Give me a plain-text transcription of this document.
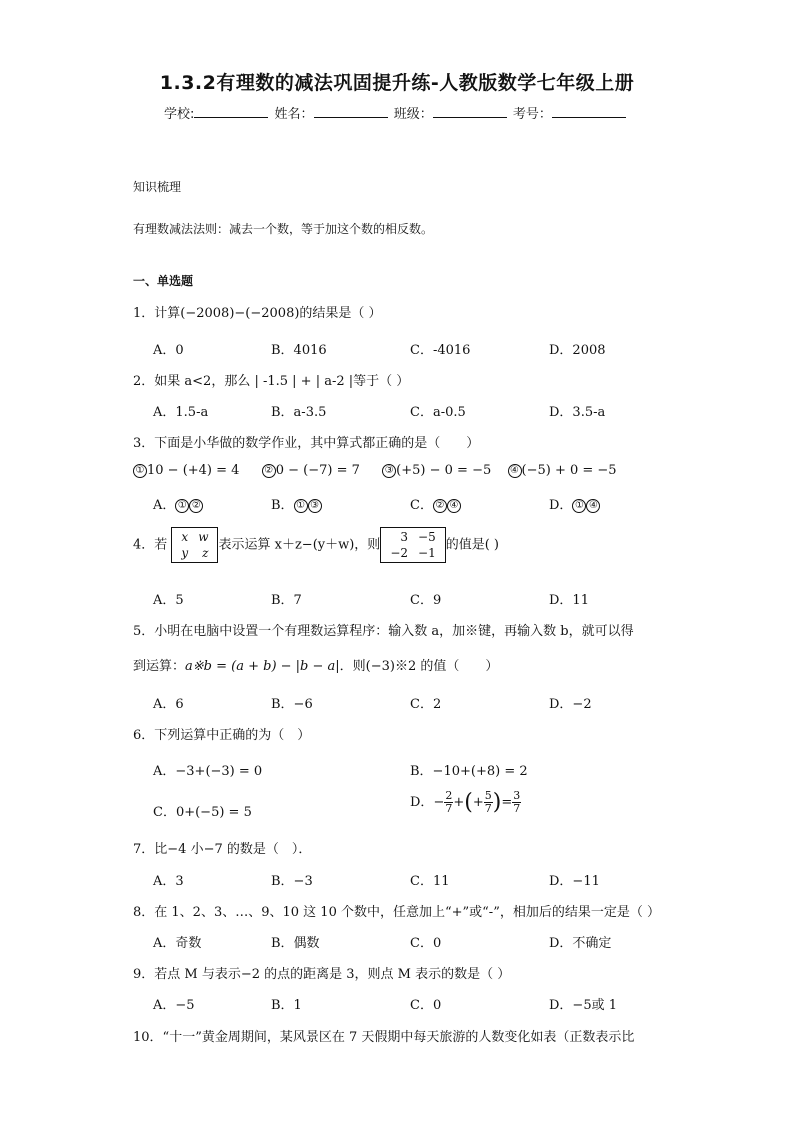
1.3.2有理数的减法巩固提升练-人教版数学七年级上册
学校:	姓名：	班级：	考号：
知识梳理
有理数减法法则：减去一个数，等于加这个数的相反数。
一、单选题
1．计算(−2008)−(−2008)的结果是（ ）
A．0	B．4016	C．-4016	D．2008
2．如果 a<2，那么 | -1.5 | + | a-2 |等于（ ）
A．1.5-a	B．a-3.5	C．a-0.5	D．3.5-a
3．下面是小华做的数学作业，其中算式都正确的是（　　）
① 10 − (+4) = 4 ② 0 − (−7) = 7 ③ (+5) − 0 = −5 ④ (−5) + 0 = −5
A． ① ②	B． ① ③	C． ② ④	D． ① ④
4．若
x	w
y	z
表示运算 x＋z−(y＋w)，则
3	−5
−2	−1
的值是( )
A．5	B．7	C．9	D．11
5．小明在电脑中设置一个有理数运算程序：输入数 a，加※键，再输入数 b，就可以得
到运算：a※b = (a + b) − |b − a|．则(−3)※2 的值（　　）
A．6	B．−6	C．2	D．−2
6．下列运算中正确的为（　）
A．−3+(−3) = 0	B．−10+(+8) = 2
C．0+(−5) = 5
D．− $\frac{2}{7}$ +(+ $\frac{5}{7}$ )= $\frac{3}{7}$
7．比−4 小−7 的数是（　）．
A．3	B．−3	C．11	D．−11
8．在 1、2、3、…、9、10 这 10 个数中，任意加上“+”或“-”，相加后的结果一定是（ ）
A．奇数	B．偶数	C．0	D．不确定
9．若点 M 与表示−2 的点的距离是 3，则点 M 表示的数是（ ）
A．−5	B．1	C．0	D．−5或 1
10．“十一”黄金周期间，某风景区在 7 天假期中每天旅游的人数变化如表（正数表示比
